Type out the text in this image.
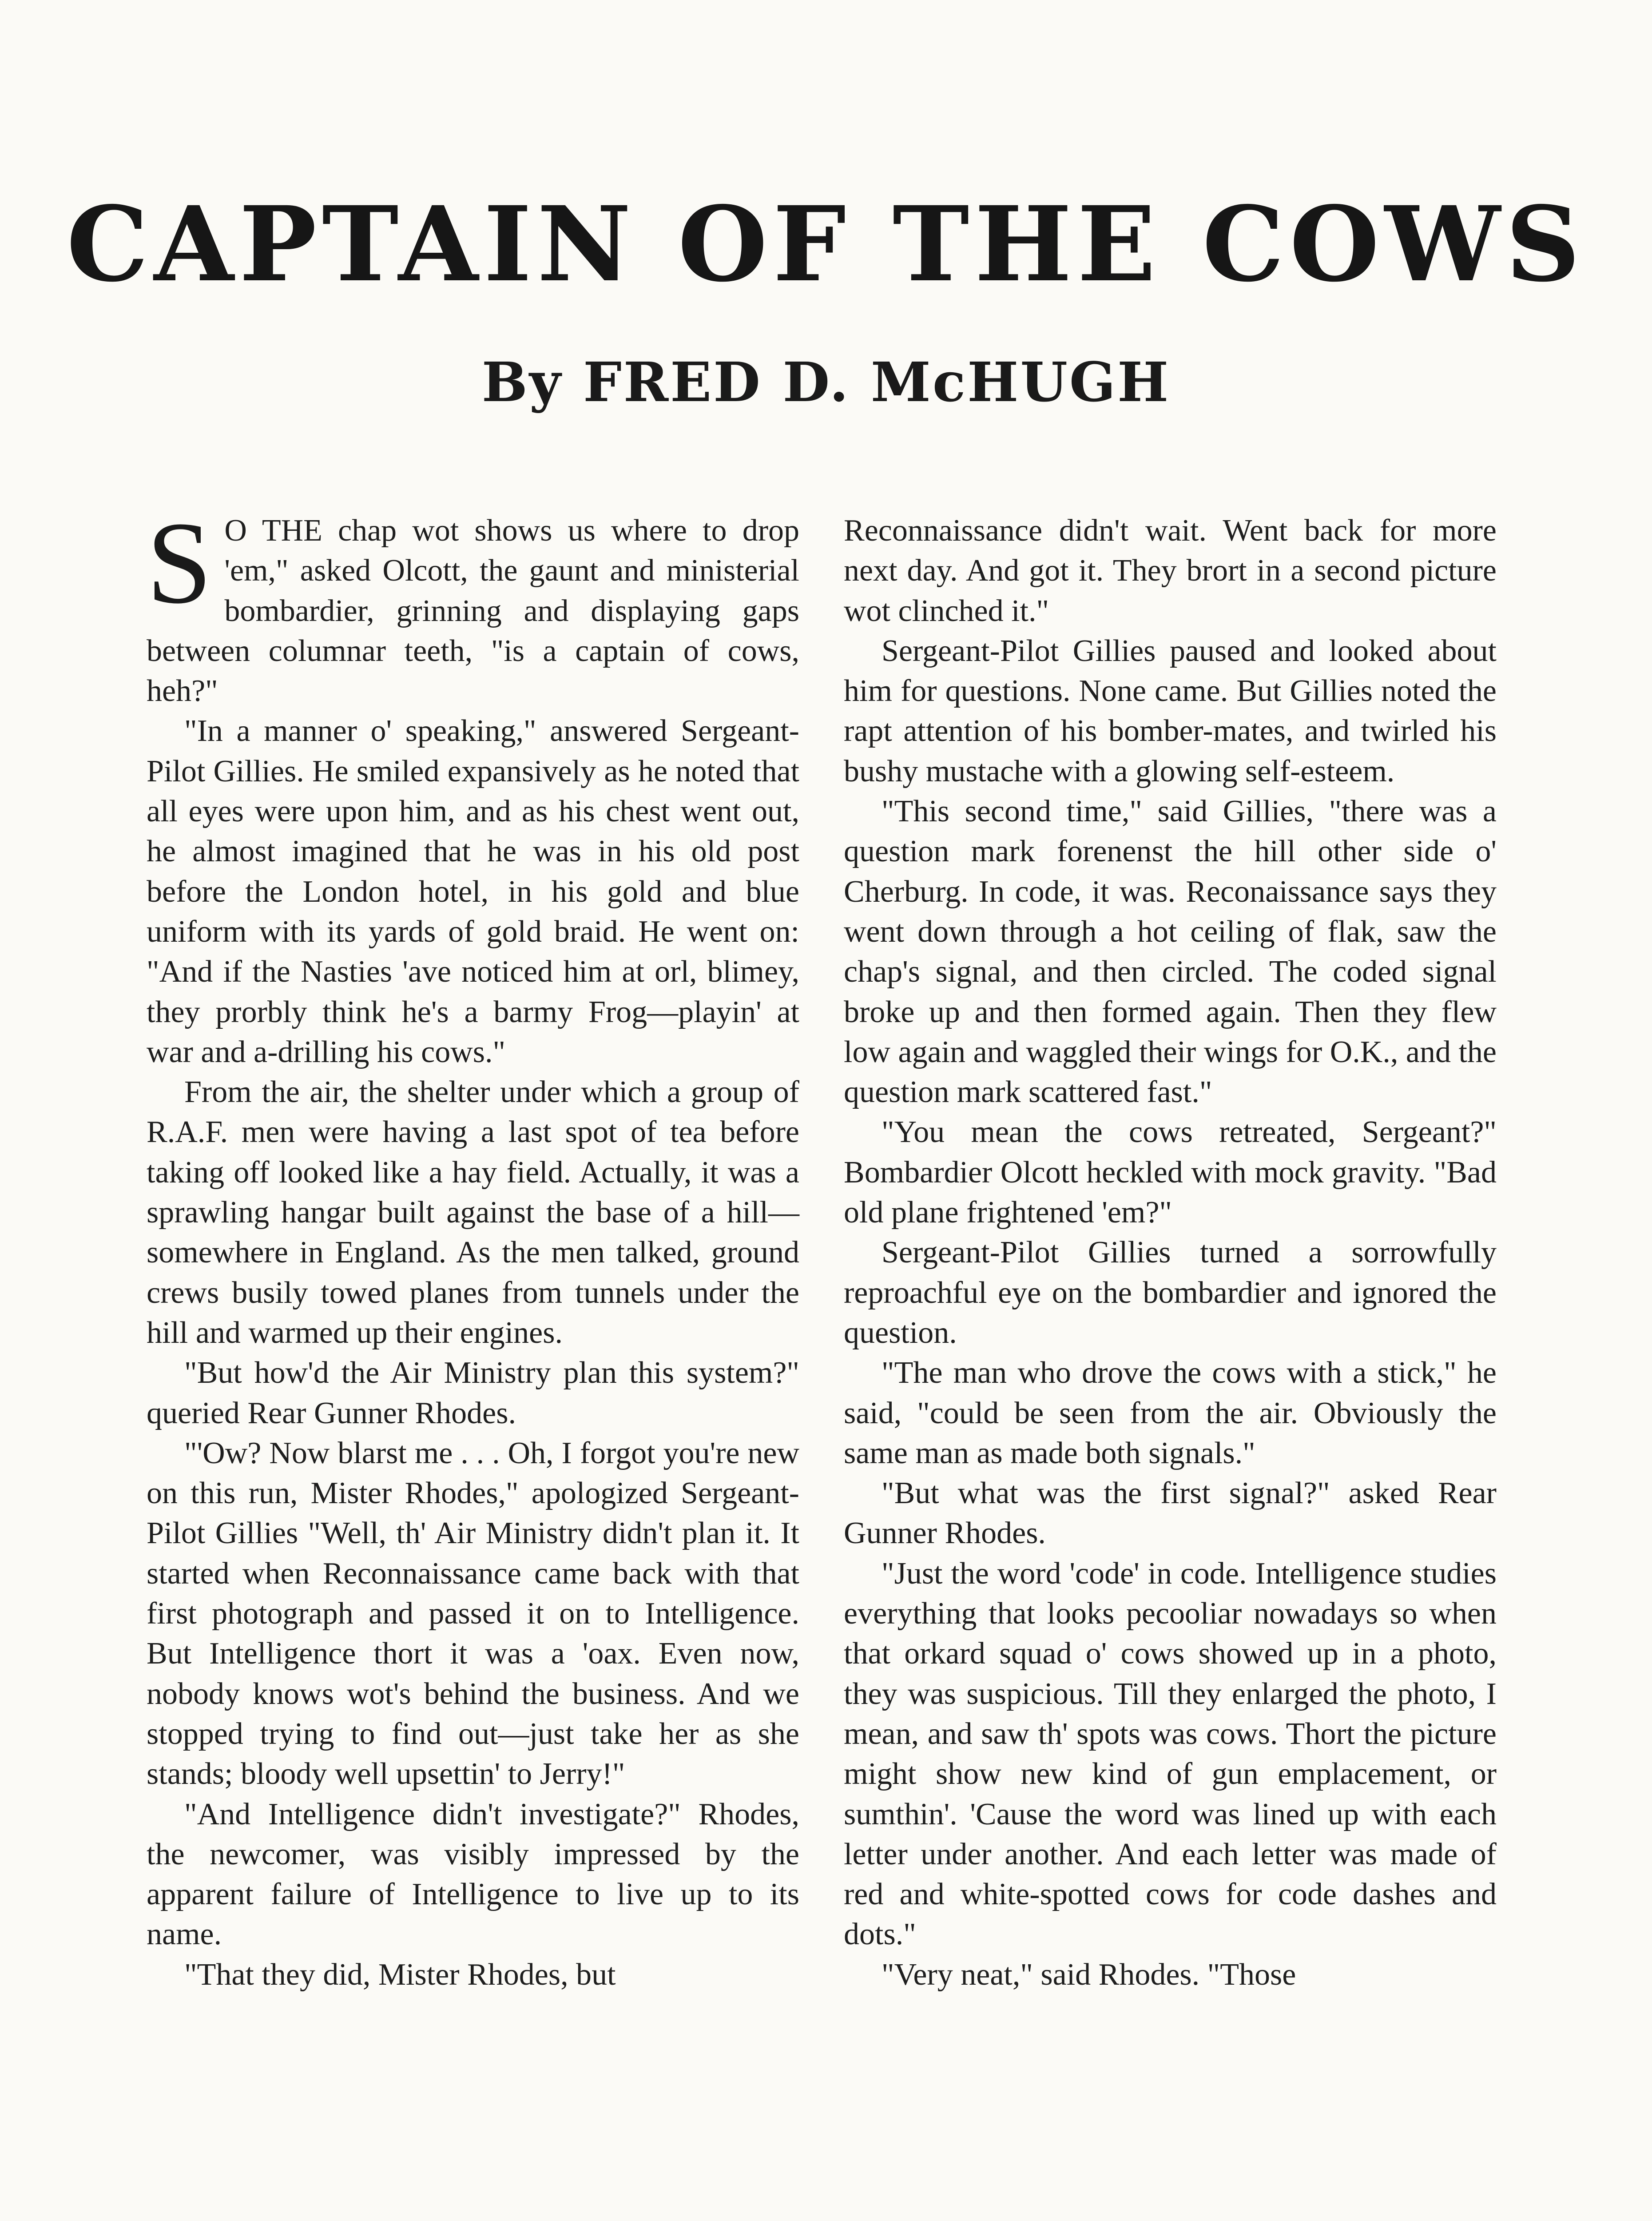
CAPTAIN OF THE COWS
By FRED D. McHUGH

S O THE chap wot shows us where to drop 'em," asked Olcott, the gaunt and ministerial bombardier, grinning and displaying gaps between columnar teeth, "is a captain of cows, heh?"

"In a manner o' speaking," answered Sergeant-Pilot Gillies. He smiled expansively as he noted that all eyes were upon him, and as his chest went out, he almost imagined that he was in his old post before the London hotel, in his gold and blue uniform with its yards of gold braid. He went on: "And if the Nasties 'ave noticed him at orl, blimey, they prorbly think he's a barmy Frog—playin' at war and a-drilling his cows."

From the air, the shelter under which a group of R.A.F. men were having a last spot of tea before taking off looked like a hay field. Actually, it was a sprawling hangar built against the base of a hill—somewhere in England. As the men talked, ground crews busily towed planes from tunnels under the hill and warmed up their engines.

"But how'd the Air Ministry plan this system?" queried Rear Gunner Rhodes.

"'Ow? Now blarst me . . . Oh, I forgot you're new on this run, Mister Rhodes," apologized Sergeant-Pilot Gillies "Well, th' Air Ministry didn't plan it. It started when Reconnaissance came back with that first photograph and passed it on to Intelligence. But Intelligence thort it was a 'oax. Even now, nobody knows wot's behind the business. And we stopped trying to find out—just take her as she stands; bloody well upsettin' to Jerry!"

"And Intelligence didn't investigate?" Rhodes, the newcomer, was visibly impressed by the apparent failure of Intelligence to live up to its name.

"That they did, Mister Rhodes, but

Reconnaissance didn't wait. Went back for more next day. And got it. They brort in a second picture wot clinched it."

Sergeant-Pilot Gillies paused and looked about him for questions. None came. But Gillies noted the rapt attention of his bomber-mates, and twirled his bushy mustache with a glowing self-esteem.

"This second time," said Gillies, "there was a question mark forenenst the hill other side o' Cherburg. In code, it was. Reconaissance says they went down through a hot ceiling of flak, saw the chap's signal, and then circled. The coded signal broke up and then formed again. Then they flew low again and waggled their wings for O.K., and the question mark scattered fast."

"You mean the cows retreated, Sergeant?" Bombardier Olcott heckled with mock gravity. "Bad old plane frightened 'em?"

Sergeant-Pilot Gillies turned a sorrowfully reproachful eye on the bombardier and ignored the question.

"The man who drove the cows with a stick," he said, "could be seen from the air. Obviously the same man as made both signals."

"But what was the first signal?" asked Rear Gunner Rhodes.

"Just the word 'code' in code. Intelligence studies everything that looks pecooliar nowadays so when that orkard squad o' cows showed up in a photo, they was suspicious. Till they enlarged the photo, I mean, and saw th' spots was cows. Thort the picture might show new kind of gun emplacement, or sumthin'. 'Cause the word was lined up with each letter under another. And each letter was made of red and white-spotted cows for code dashes and dots."

"Very neat," said Rhodes. "Those
